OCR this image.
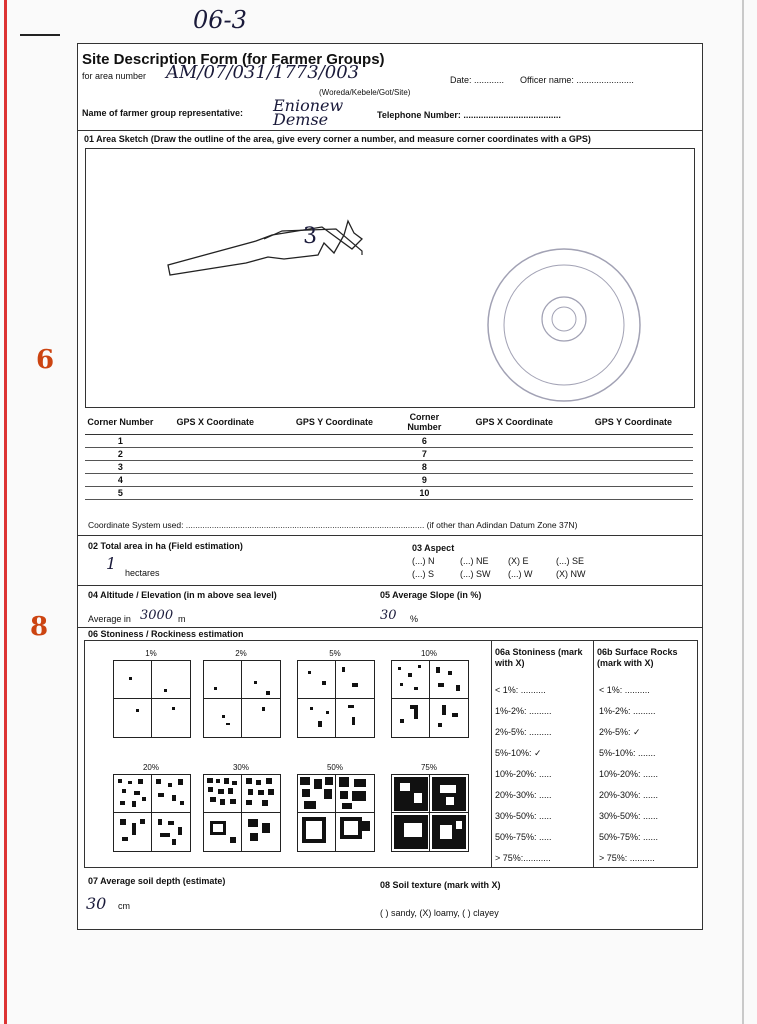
06-3
6
8
Site Description Form (for Farmer Groups)
for area number AM/07/031/1773/003
(Woreda/Kebele/Got/Site)
Date: ............ Officer name: .......................
Name of farmer group representative: Enionew Demse	Telephone Number: .......................................
01 Area Sketch (Draw the outline of the area, give every corner a number, and measure corner coordinates with a GPS)
3
Corner Number	GPS X Coordinate	GPS Y Coordinate	Corner Number	GPS X Coordinate	GPS Y Coordinate
1			6		
2			7		
3			8		
4			9		
5			10		
Coordinate System used: ..................................................................................................... (if other than Adindan Datum Zone 37N)
02 Total area in ha (Field estimation)
1 hectares
03 Aspect
(...) N	(...) NE (X) E	(...) SE
(...) S	(...) SW (...) W	(X) NW
04 Altitude / Elevation (in m above sea level)
Average in 3000 m
05 Average Slope (in %)
30 %
06 Stoniness / Rockiness estimation
1%	2%	5%	10%
20%	30%	50%	75%
06a Stoniness (mark with X)
06b Surface Rocks (mark with X)
< 1%: ..........
1%-2%: .........
2%-5%: .........
5%-10%: ✓
10%-20%: .....
20%-30%: .....
30%-50%: .....
50%-75%: .....
> 75%:...........
< 1%: ..........
1%-2%: .........
2%-5%: ✓
5%-10%: .......
10%-20%: ......
20%-30%: ......
30%-50%: ......
50%-75%: ......
> 75%: ..........
07 Average soil depth (estimate)
30 cm
08 Soil texture (mark with X)
( ) sandy, (X) loamy, ( ) clayey
